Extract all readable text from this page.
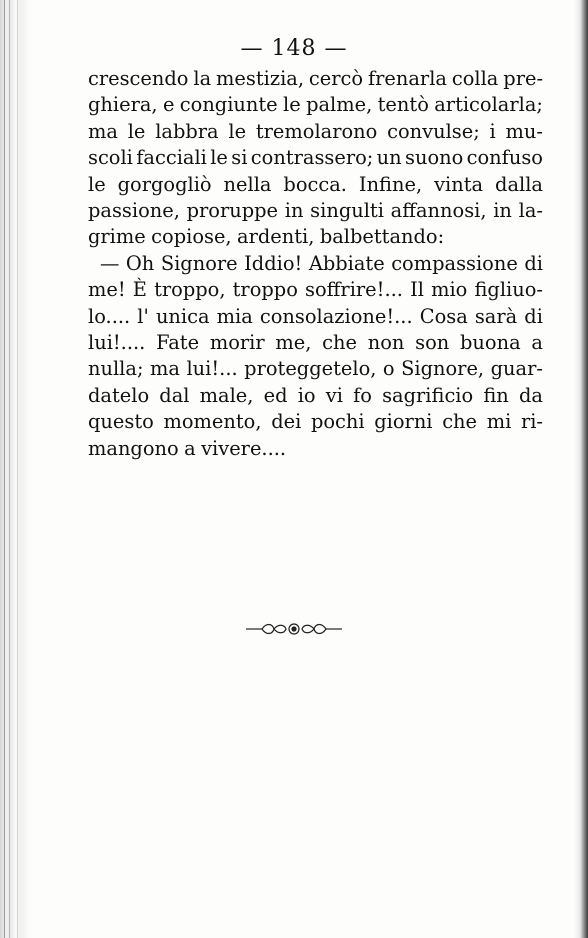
— 148 —
crescendo la mestizia, cercò frenarla colla pre-
ghiera, e congiunte le palme, tentò articolarla;
ma le labbra le tremolarono convulse; i mu-
scoli facciali le si contrassero; un suono confuso
le gorgogliò nella bocca. Infine, vinta dalla
passione, proruppe in singulti affannosi, in la-
grime copiose, ardenti, balbettando:
— Oh Signore Iddio! Abbiate compassione di
me! È troppo, troppo soffrire!... Il mio figliuo-
lo.... l' unica mia consolazione!... Cosa sarà di
lui!.... Fate morir me, che non son buona a
nulla; ma lui!... proteggetelo, o Signore, guar-
datelo dal male, ed io vi fo sagrificio fin da
questo momento, dei pochi giorni che mi ri-
mangono a vivere....
